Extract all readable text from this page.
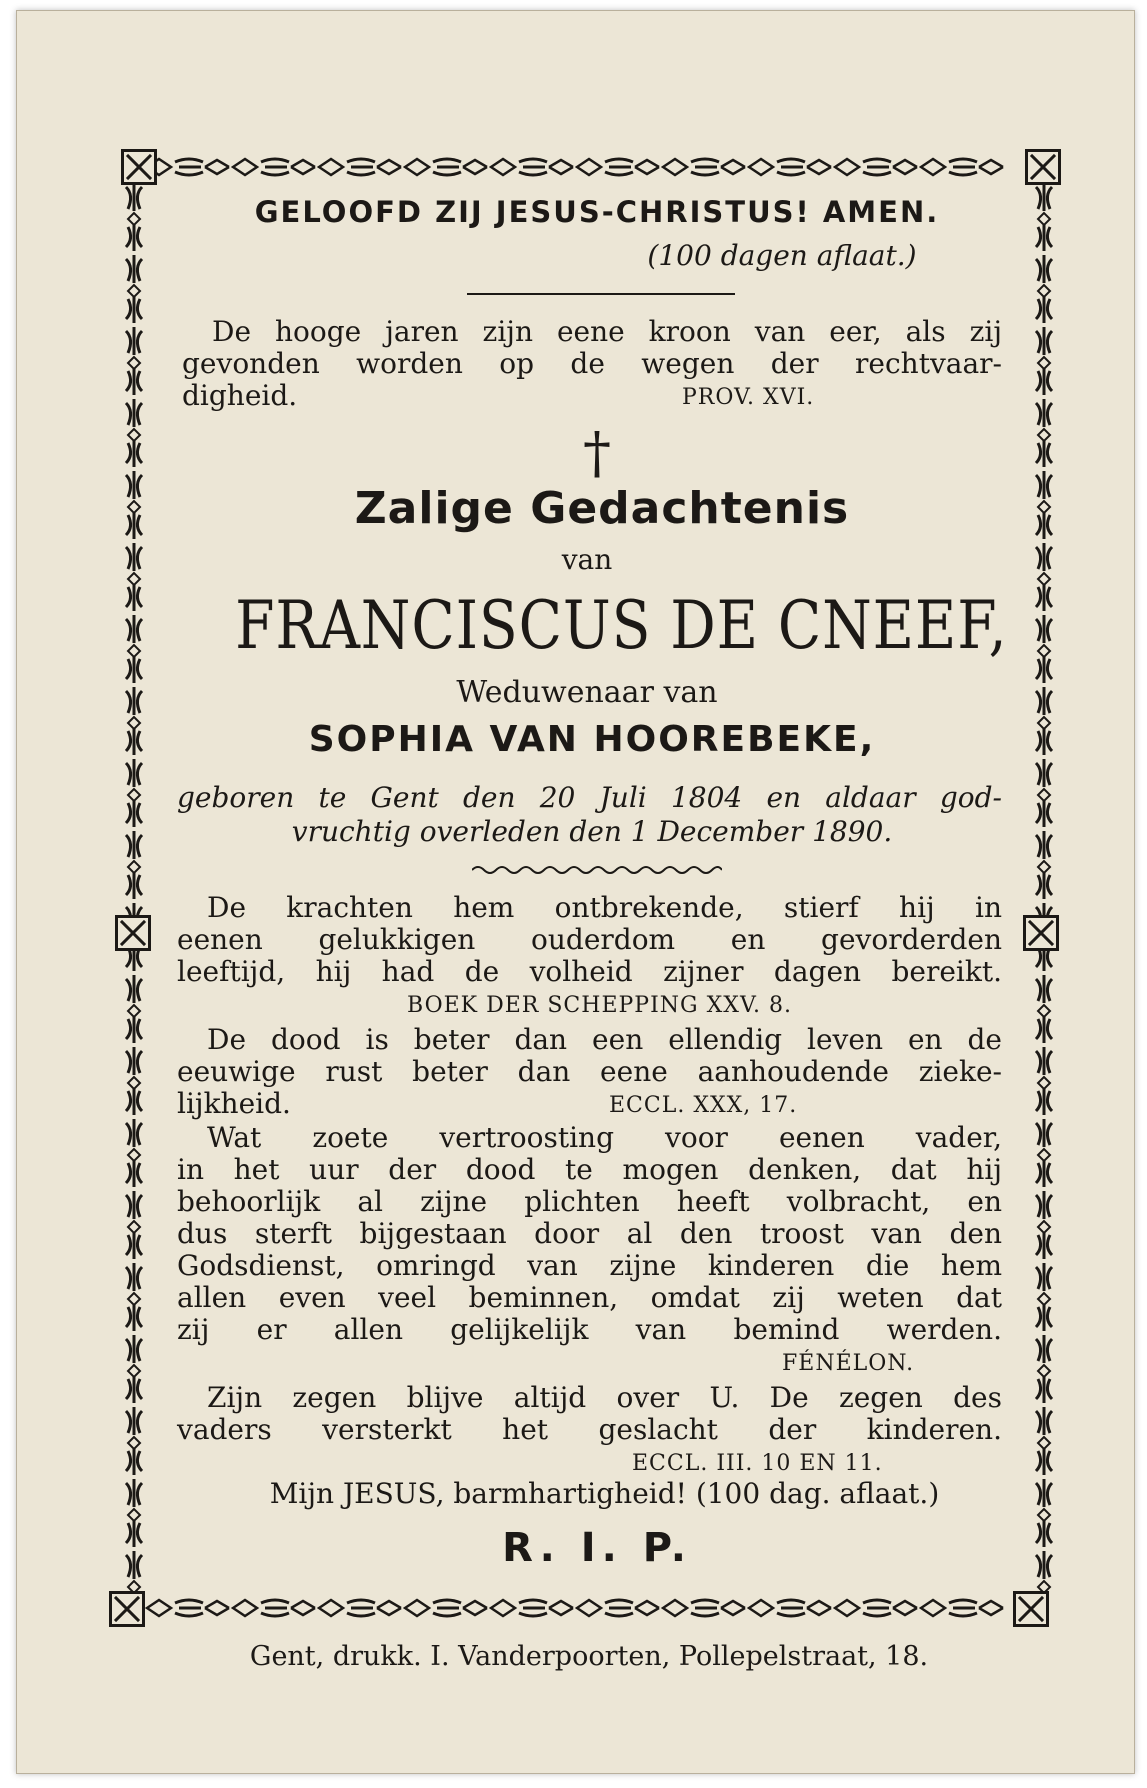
GELOOFD ZIJ JESUS-CHRISTUS! AMEN.
(100 dagen aflaat.)
De hooge jaren zijn eene kroon van eer, als zij
gevonden worden op de wegen der rechtvaar-
digheid.	PROV. XVI.
†
Zalige Gedachtenis
van
FRANCISCUS DE CNEEF,
Weduwenaar van
SOPHIA VAN HOOREBEKE,
geboren te Gent den 20 Juli 1804 en aldaar god-
vruchtig overleden den 1 December 1890.
De krachten hem ontbrekende, stierf hij in
eenen gelukkigen ouderdom en gevorderden
leeftijd, hij had de volheid zijner dagen bereikt.
BOEK DER SCHEPPING XXV. 8.
De dood is beter dan een ellendig leven en de
eeuwige rust beter dan eene aanhoudende zieke-
lijkheid.	ECCL. XXX, 17.
Wat zoete vertroosting voor eenen vader,
in het uur der dood te mogen denken, dat hij
behoorlijk al zijne plichten heeft volbracht, en
dus sterft bijgestaan door al den troost van den
Godsdienst, omringd van zijne kinderen die hem
allen even veel beminnen, omdat zij weten dat
zij er allen gelijkelijk van bemind werden.
FÉNÉLON.
Zijn zegen blijve altijd over U. De zegen des
vaders versterkt het geslacht der kinderen.
ECCL. III. 10 EN 11.
Mijn JESUS, barmhartigheid! (100 dag. aflaat.)
R. I. P.
Gent, drukk. I. Vanderpoorten, Pollepelstraat, 18.
